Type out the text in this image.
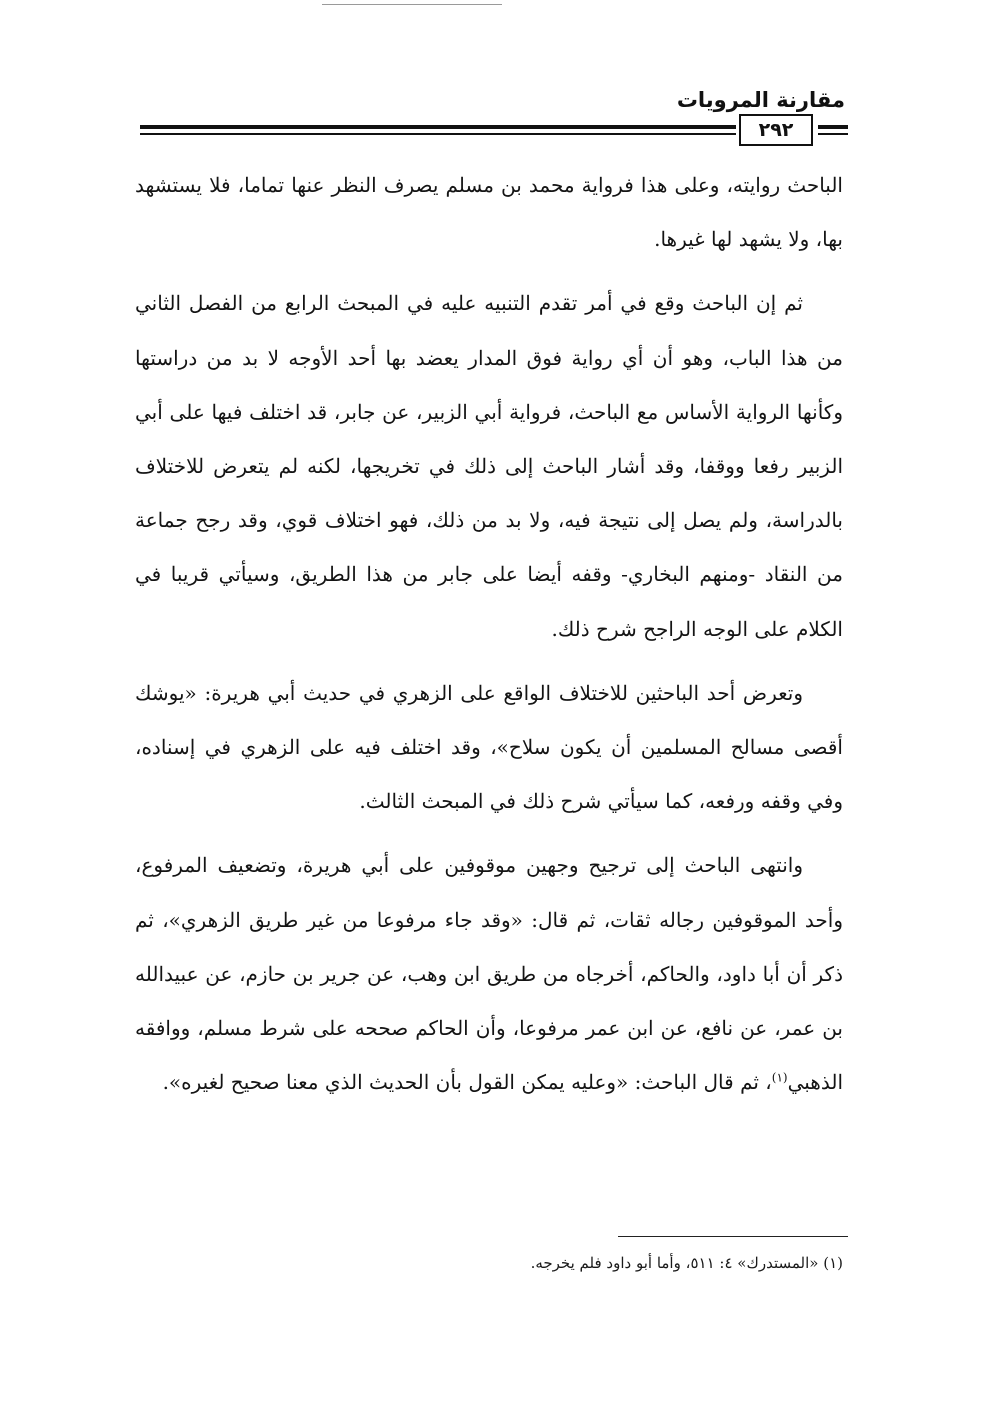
مقارنة المرويات
٢٩٢

الباحث روايته، وعلى هذا فرواية محمد بن مسلم يصرف النظر عنها تماما، فلا يستشهد بها، ولا يشهد لها غيرها.

ثم إن الباحث وقع في أمر تقدم التنبيه عليه في المبحث الرابع من الفصل الثاني من هذا الباب، وهو أن أي رواية فوق المدار يعضد بها أحد الأوجه لا بد من دراستها وكأنها الرواية الأساس مع الباحث، فرواية أبي الزبير، عن جابر، قد اختلف فيها على أبي الزبير رفعا ووقفا، وقد أشار الباحث إلى ذلك في تخريجها، لكنه لم يتعرض للاختلاف بالدراسة، ولم يصل إلى نتيجة فيه، ولا بد من ذلك، فهو اختلاف قوي، وقد رجح جماعة من النقاد -ومنهم البخاري- وقفه أيضا على جابر من هذا الطريق، وسيأتي قريبا في الكلام على الوجه الراجح شرح ذلك.

وتعرض أحد الباحثين للاختلاف الواقع على الزهري في حديث أبي هريرة: «يوشك أقصى مسالح المسلمين أن يكون سلاح»، وقد اختلف فيه على الزهري في إسناده، وفي وقفه ورفعه، كما سيأتي شرح ذلك في المبحث الثالث.

وانتهى الباحث إلى ترجيح وجهين موقوفين على أبي هريرة، وتضعيف المرفوع، وأحد الموقوفين رجاله ثقات، ثم قال: «وقد جاء مرفوعا من غير طريق الزهري»، ثم ذكر أن أبا داود، والحاكم، أخرجاه من طريق ابن وهب، عن جرير بن حازم، عن عبيدالله بن عمر، عن نافع، عن ابن عمر مرفوعا، وأن الحاكم صححه على شرط مسلم، ووافقه الذهبي$^{(١)}$، ثم قال الباحث: «وعليه يمكن القول بأن الحديث الذي معنا صحيح لغيره».

(١) «المستدرك» ٤: ٥١١، وأما أبو داود فلم يخرجه.
